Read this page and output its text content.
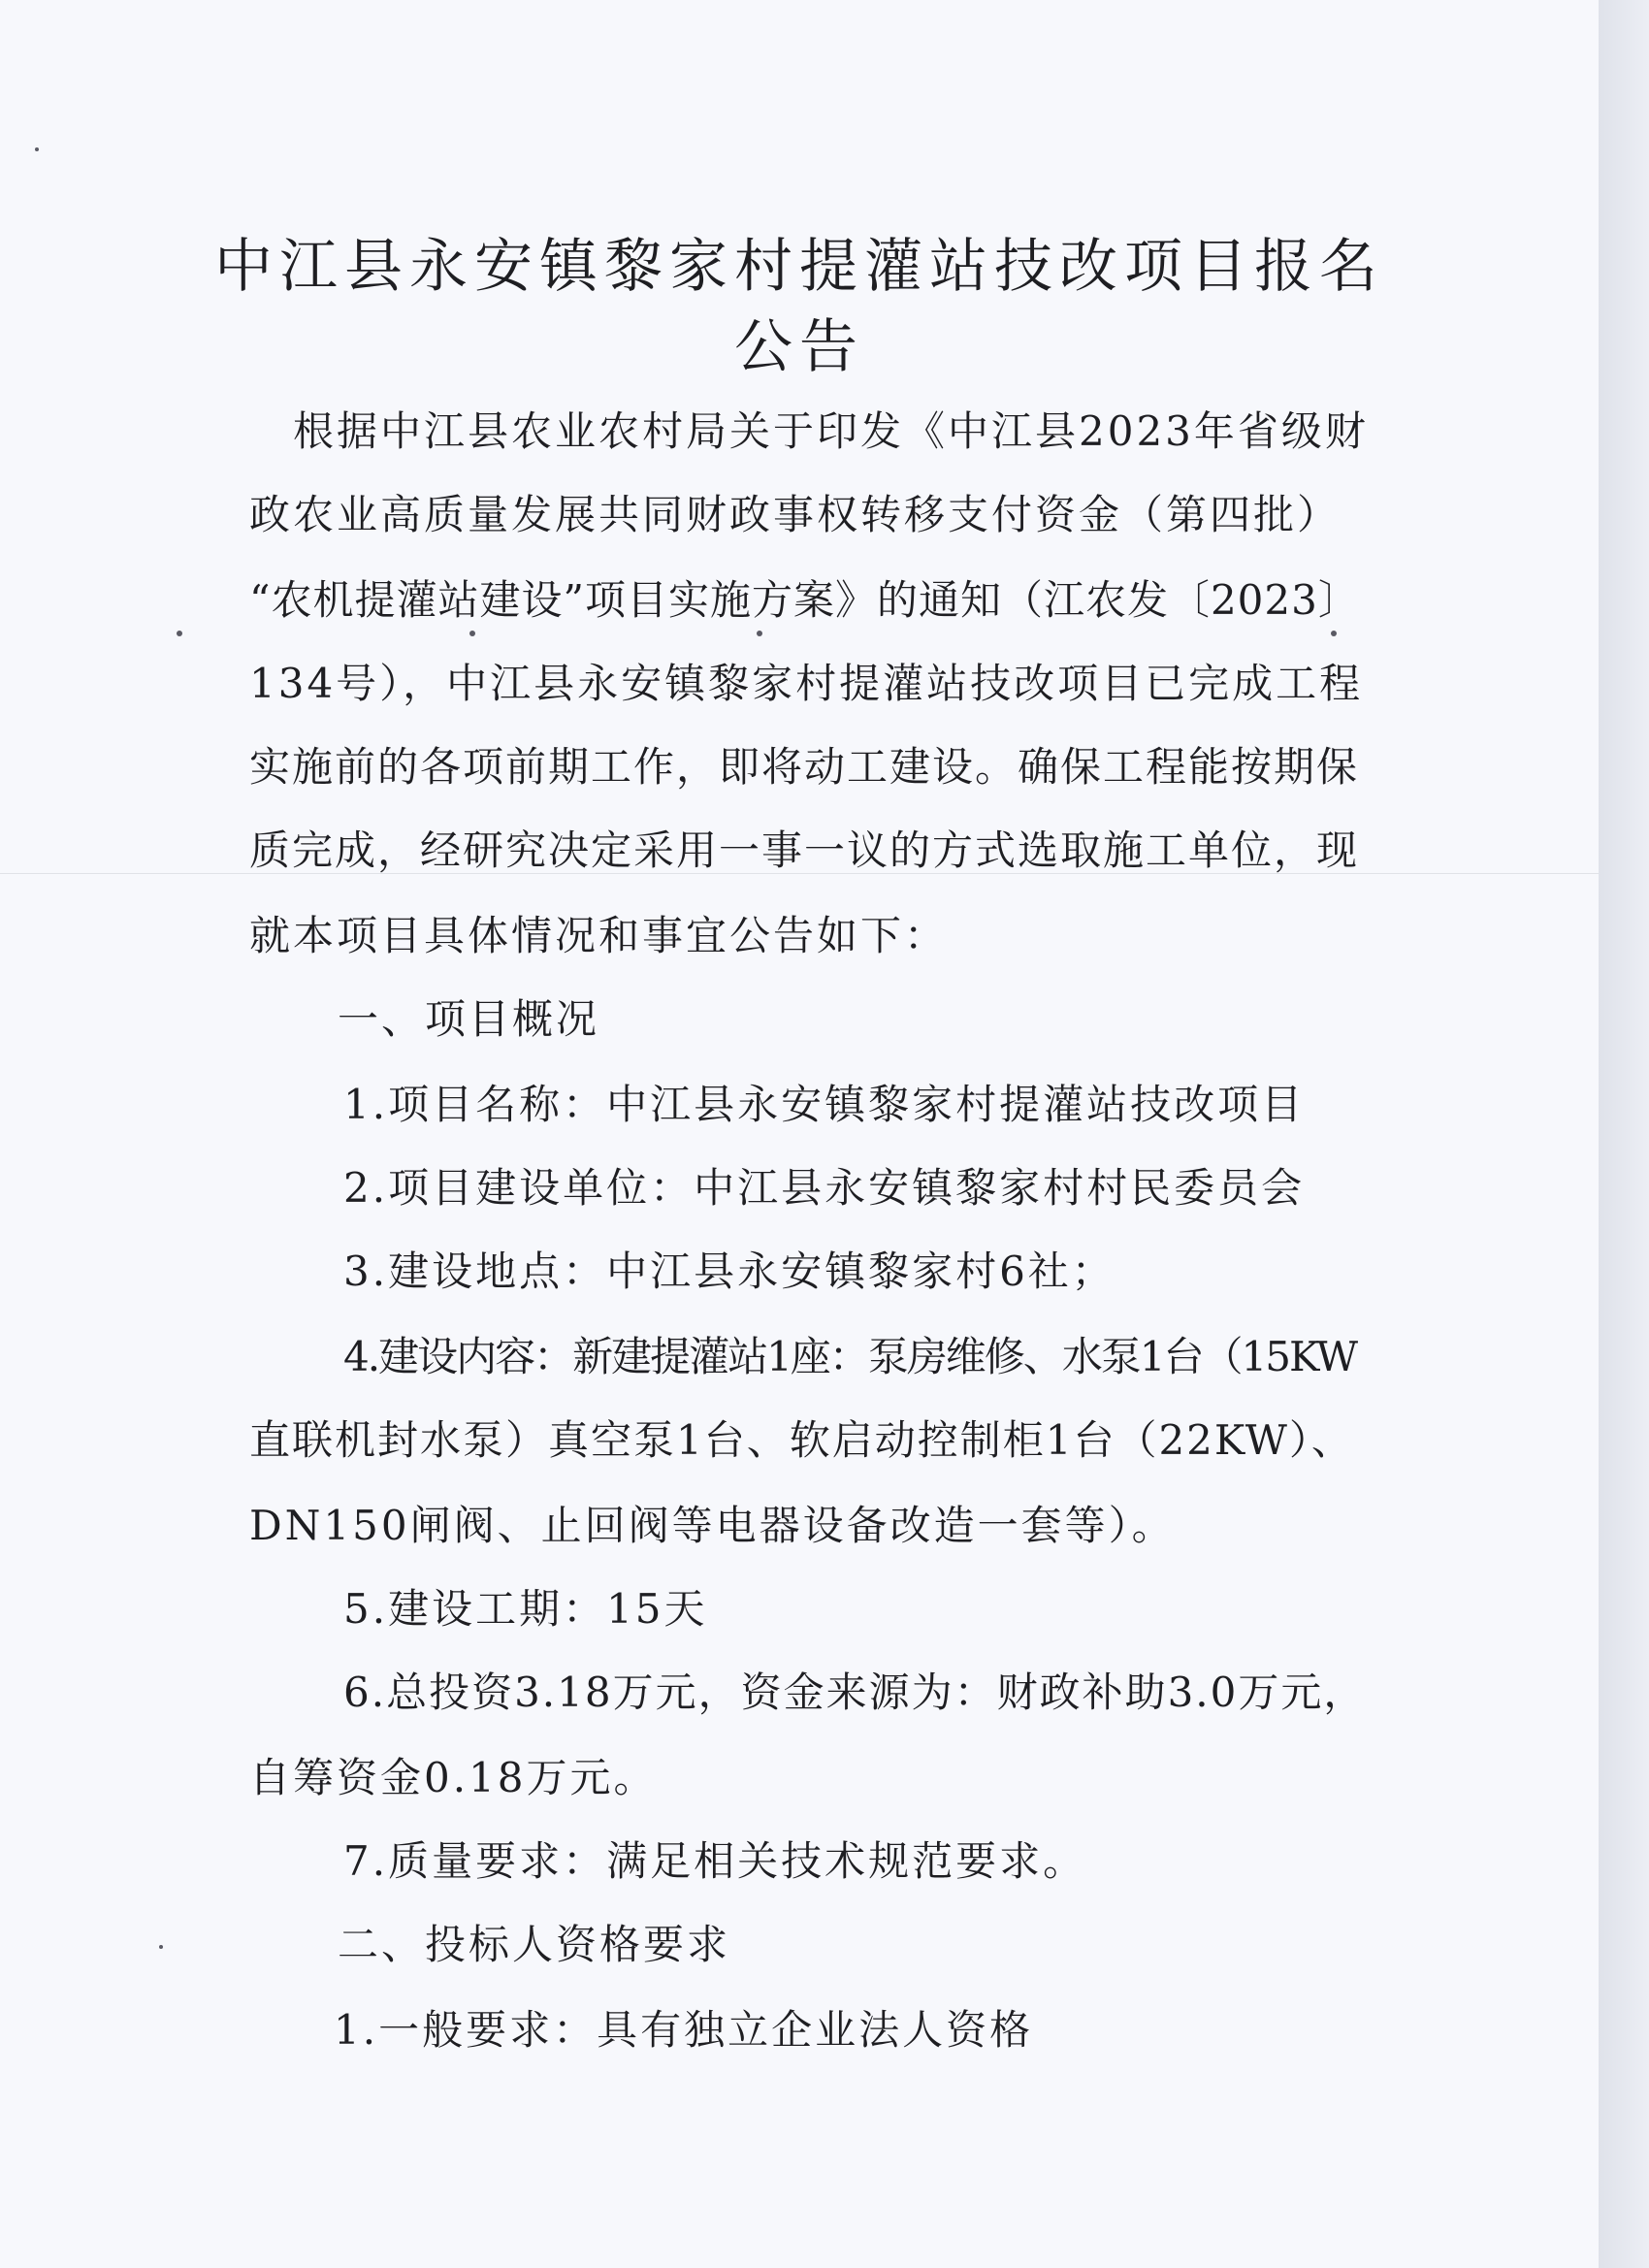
中江县永安镇黎家村提灌站技改项目报名
公告
根据中江县农业农村局关于印发《中江县2023年省级财
政农业高质量发展共同财政事权转移支付资金（第四批）
“农机提灌站建设”项目实施方案》的通知（江农发〔2023〕
134号），中江县永安镇黎家村提灌站技改项目已完成工程
实施前的各项前期工作，即将动工建设。确保工程能按期保
质完成，经研究决定采用一事一议的方式选取施工单位，现
就本项目具体情况和事宜公告如下：
一、项目概况
1.项目名称：中江县永安镇黎家村提灌站技改项目
2.项目建设单位：中江县永安镇黎家村村民委员会
3.建设地点：中江县永安镇黎家村6社；
4.建设内容：新建提灌站1座：泵房维修、水泵1台（15KW
直联机封水泵）真空泵1台、软启动控制柜1台（22KW）、
DN150闸阀、止回阀等电器设备改造一套等）。
5.建设工期：15天
6.总投资3.18万元，资金来源为：财政补助3.0万元，
自筹资金0.18万元。
7.质量要求：满足相关技术规范要求。
二、投标人资格要求
1.一般要求：具有独立企业法人资格
